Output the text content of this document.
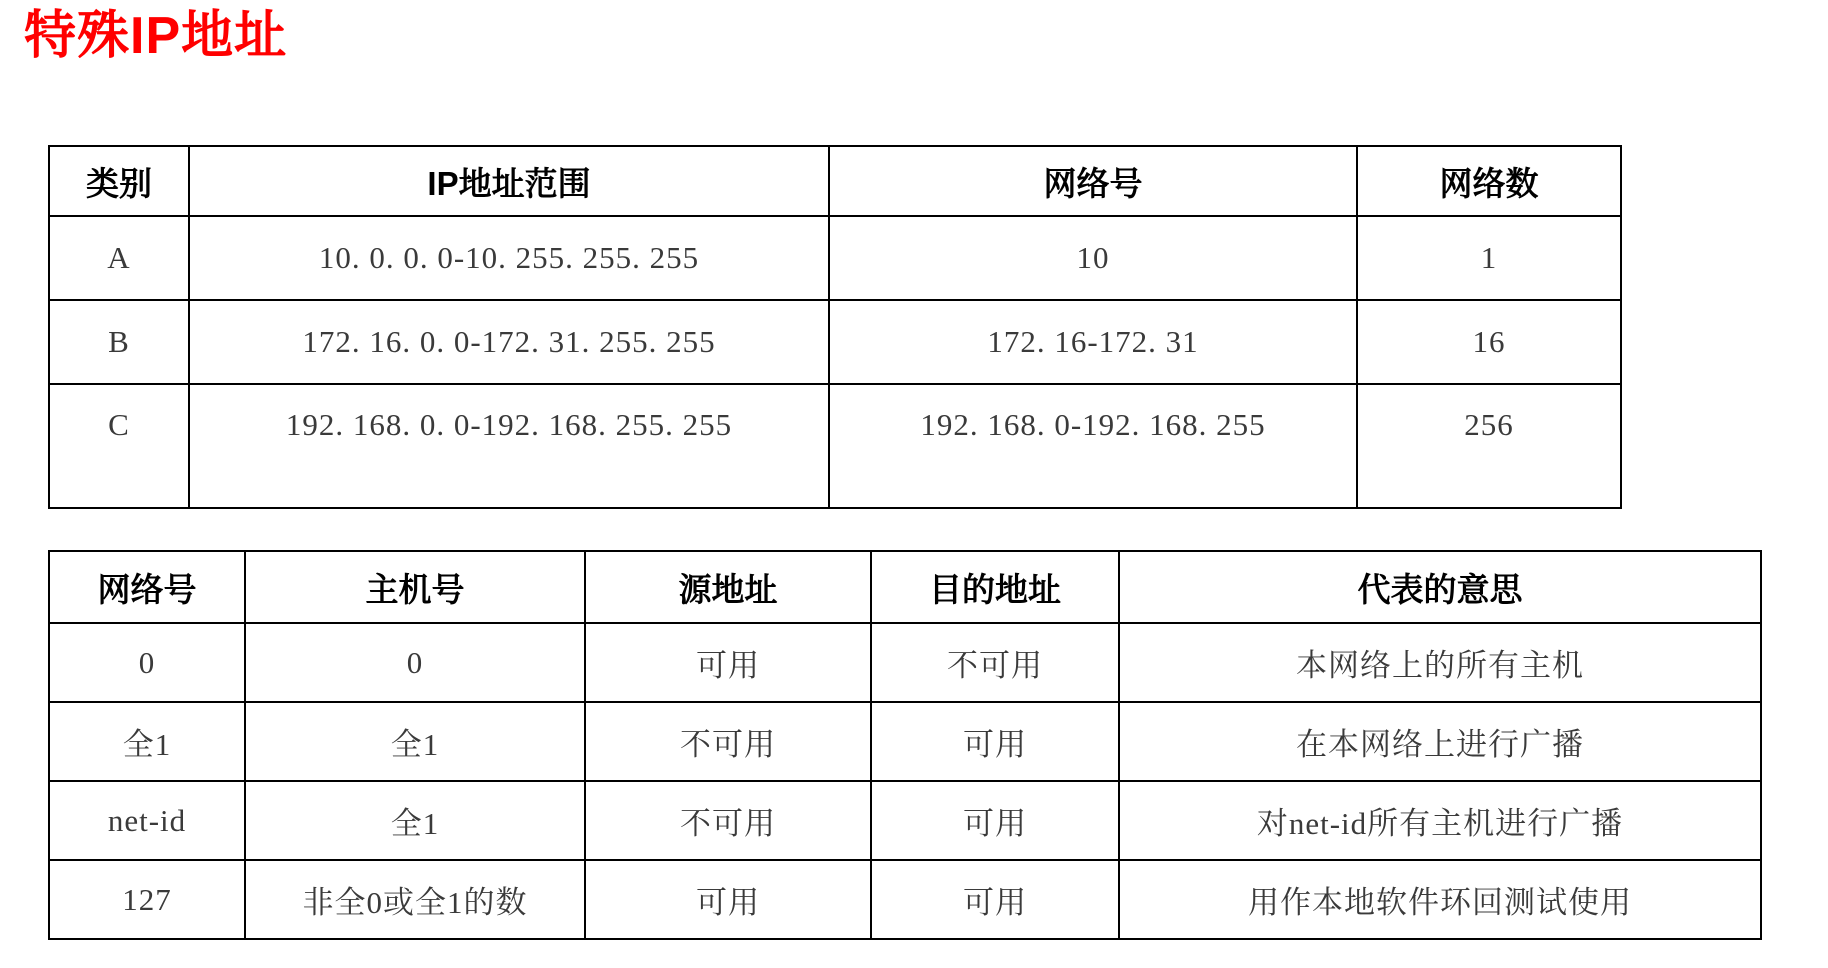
特殊IP地址
类别	IP地址范围	网络号	网络数
A	10. 0. 0. 0-10. 255. 255. 255	10	1
B	172. 16. 0. 0-172. 31. 255. 255	172. 16-172. 31	16
C	192. 168. 0. 0-192. 168. 255. 255	192. 168. 0-192. 168. 255	256
网络号	主机号	源地址	目的地址	代表的意思
0	0	可用	不可用	本网络上的所有主机
全1	全1	不可用	可用	在本网络上进行广播
net-id	全1	不可用	可用	对net-id所有主机进行广播
127	非全0或全1的数	可用	可用	用作本地软件环回测试使用
